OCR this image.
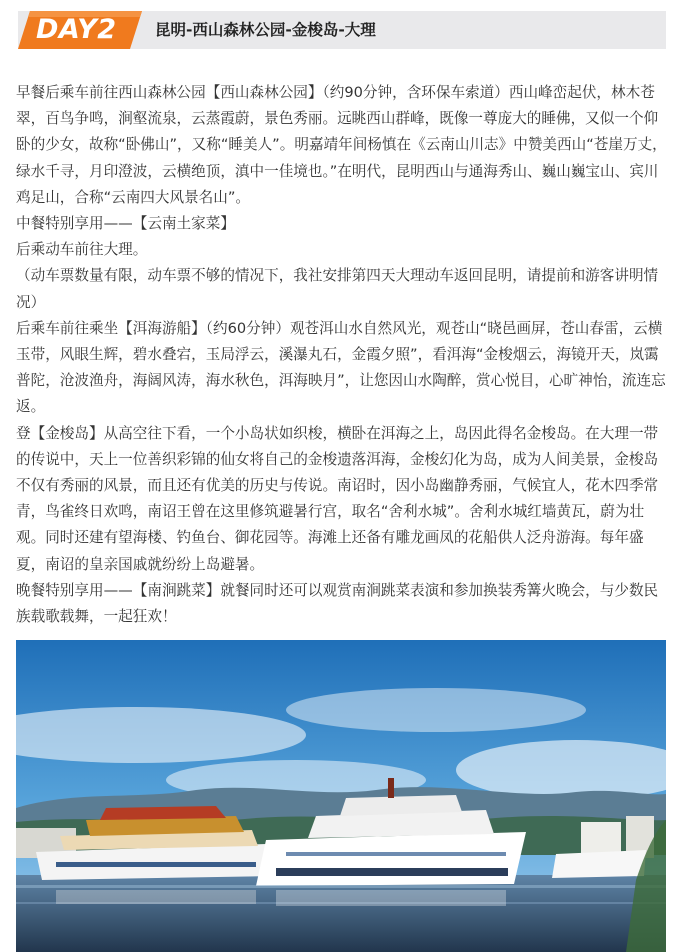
DAY2 昆明-西山森林公园-金梭岛-大理

早餐后乘车前往西山森林公园【西山森林公园】（约90分钟，含环保车索道）西山峰峦起伏，林木苍翠，百鸟争鸣，涧壑流泉，云蒸霞蔚，景色秀丽。远眺西山群峰，既像一尊庞大的睡佛，又似一个仰卧的少女，故称“卧佛山”，又称“睡美人”。明嘉靖年间杨慎在《云南山川志》中赞美西山“苍崖万丈，绿水千寻，月印澄波，云横绝顶，滇中一佳境也。”在明代，昆明西山与通海秀山、巍山巍宝山、宾川鸡足山，合称“云南四大风景名山”。

中餐特别享用——【云南土家菜】

后乘动车前往大理。

（动车票数量有限，动车票不够的情况下，我社安排第四天大理动车返回昆明，请提前和游客讲明情况）

后乘车前往乘坐【洱海游船】（约60分钟）观苍洱山水自然风光，观苍山“晓邑画屏，苍山春雷，云横玉带，风眼生辉，碧水叠宕，玉局浮云，溪瀑丸石，金霞夕照”，看洱海“金梭烟云，海镜开天，岚霭普陀，沧波渔舟，海阔风涛，海水秋色，洱海映月”，让您因山水陶醉，赏心悦目，心旷神怡，流连忘返。

登【金梭岛】从高空往下看，一个小岛状如织梭，横卧在洱海之上，岛因此得名金梭岛。在大理一带的传说中，天上一位善织彩锦的仙女将自己的金梭遗落洱海，金梭幻化为岛，成为人间美景，金梭岛不仅有秀丽的风景，而且还有优美的历史与传说。南诏时，因小岛幽静秀丽，气候宜人，花木四季常青，鸟雀终日欢鸣，南诏王曾在这里修筑避暑行宫，取名“舍利水城”。舍利水城红墙黄瓦，蔚为壮观。同时还建有望海楼、钓鱼台、御花园等。海滩上还备有雕龙画凤的花船供人泛舟游海。每年盛夏，南诏的皇亲国戚就纷纷上岛避暑。

晚餐特别享用——【南涧跳菜】就餐同时还可以观赏南涧跳菜表演和参加换装秀篝火晚会，与少数民族载歌载舞，一起狂欢！
